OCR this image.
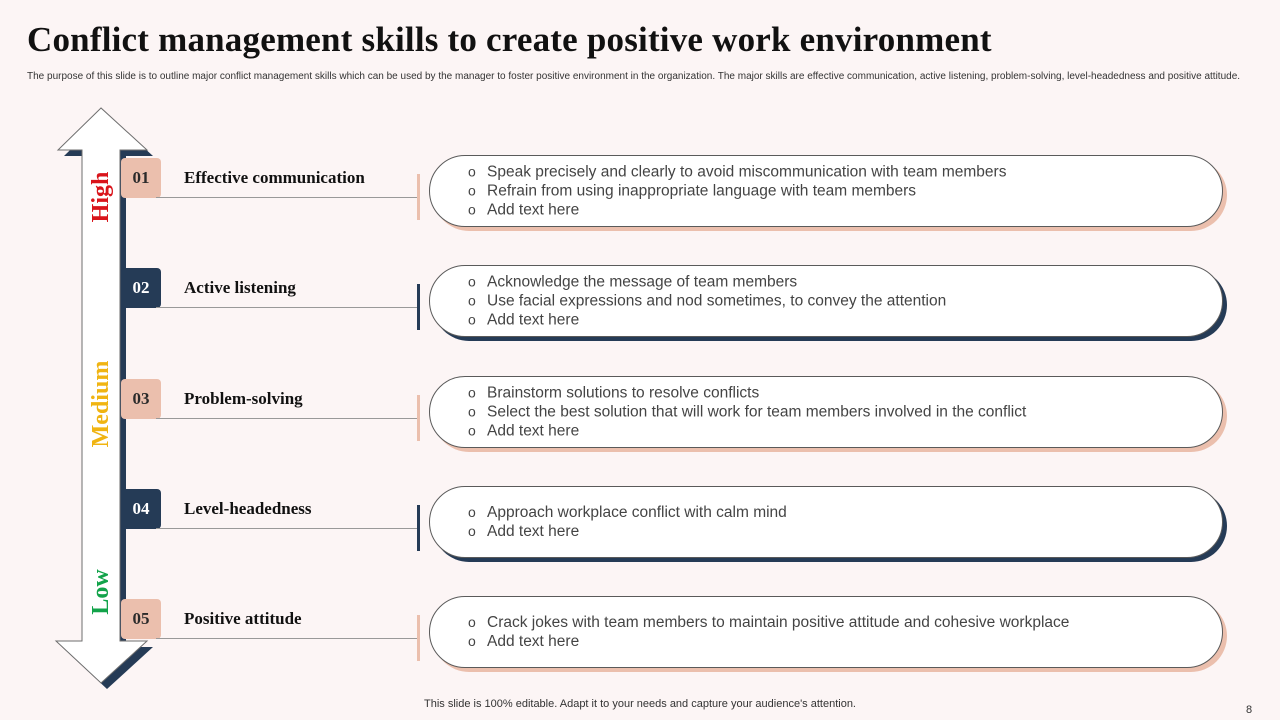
Conflict management skills to create positive work environment

The purpose of this slide is to outline major conflict management skills which can be used by the manager to foster positive environment in the organization. The major skills are effective communication, active listening, problem-solving, level-headedness and positive attitude.

High
Medium
Low
01	Effective communication	o Speak precisely and clearly to avoid miscommunication with team members
o Refrain from using inappropriate language with team members
o Add text here
02	Active listening	o Acknowledge the message of team members
o Use facial expressions and nod sometimes, to convey the attention
o Add text here
03	Problem-solving	o Brainstorm solutions to resolve conflicts
o Select the best solution that will work for team members involved in the conflict
o Add text here
04	Level-headedness	o Approach workplace conflict with calm mind
o Add text here
05	Positive attitude	o Crack jokes with team members to maintain positive attitude and cohesive workplace
o Add text here
This slide is 100% editable. Adapt it to your needs and capture your audience's attention.	8
